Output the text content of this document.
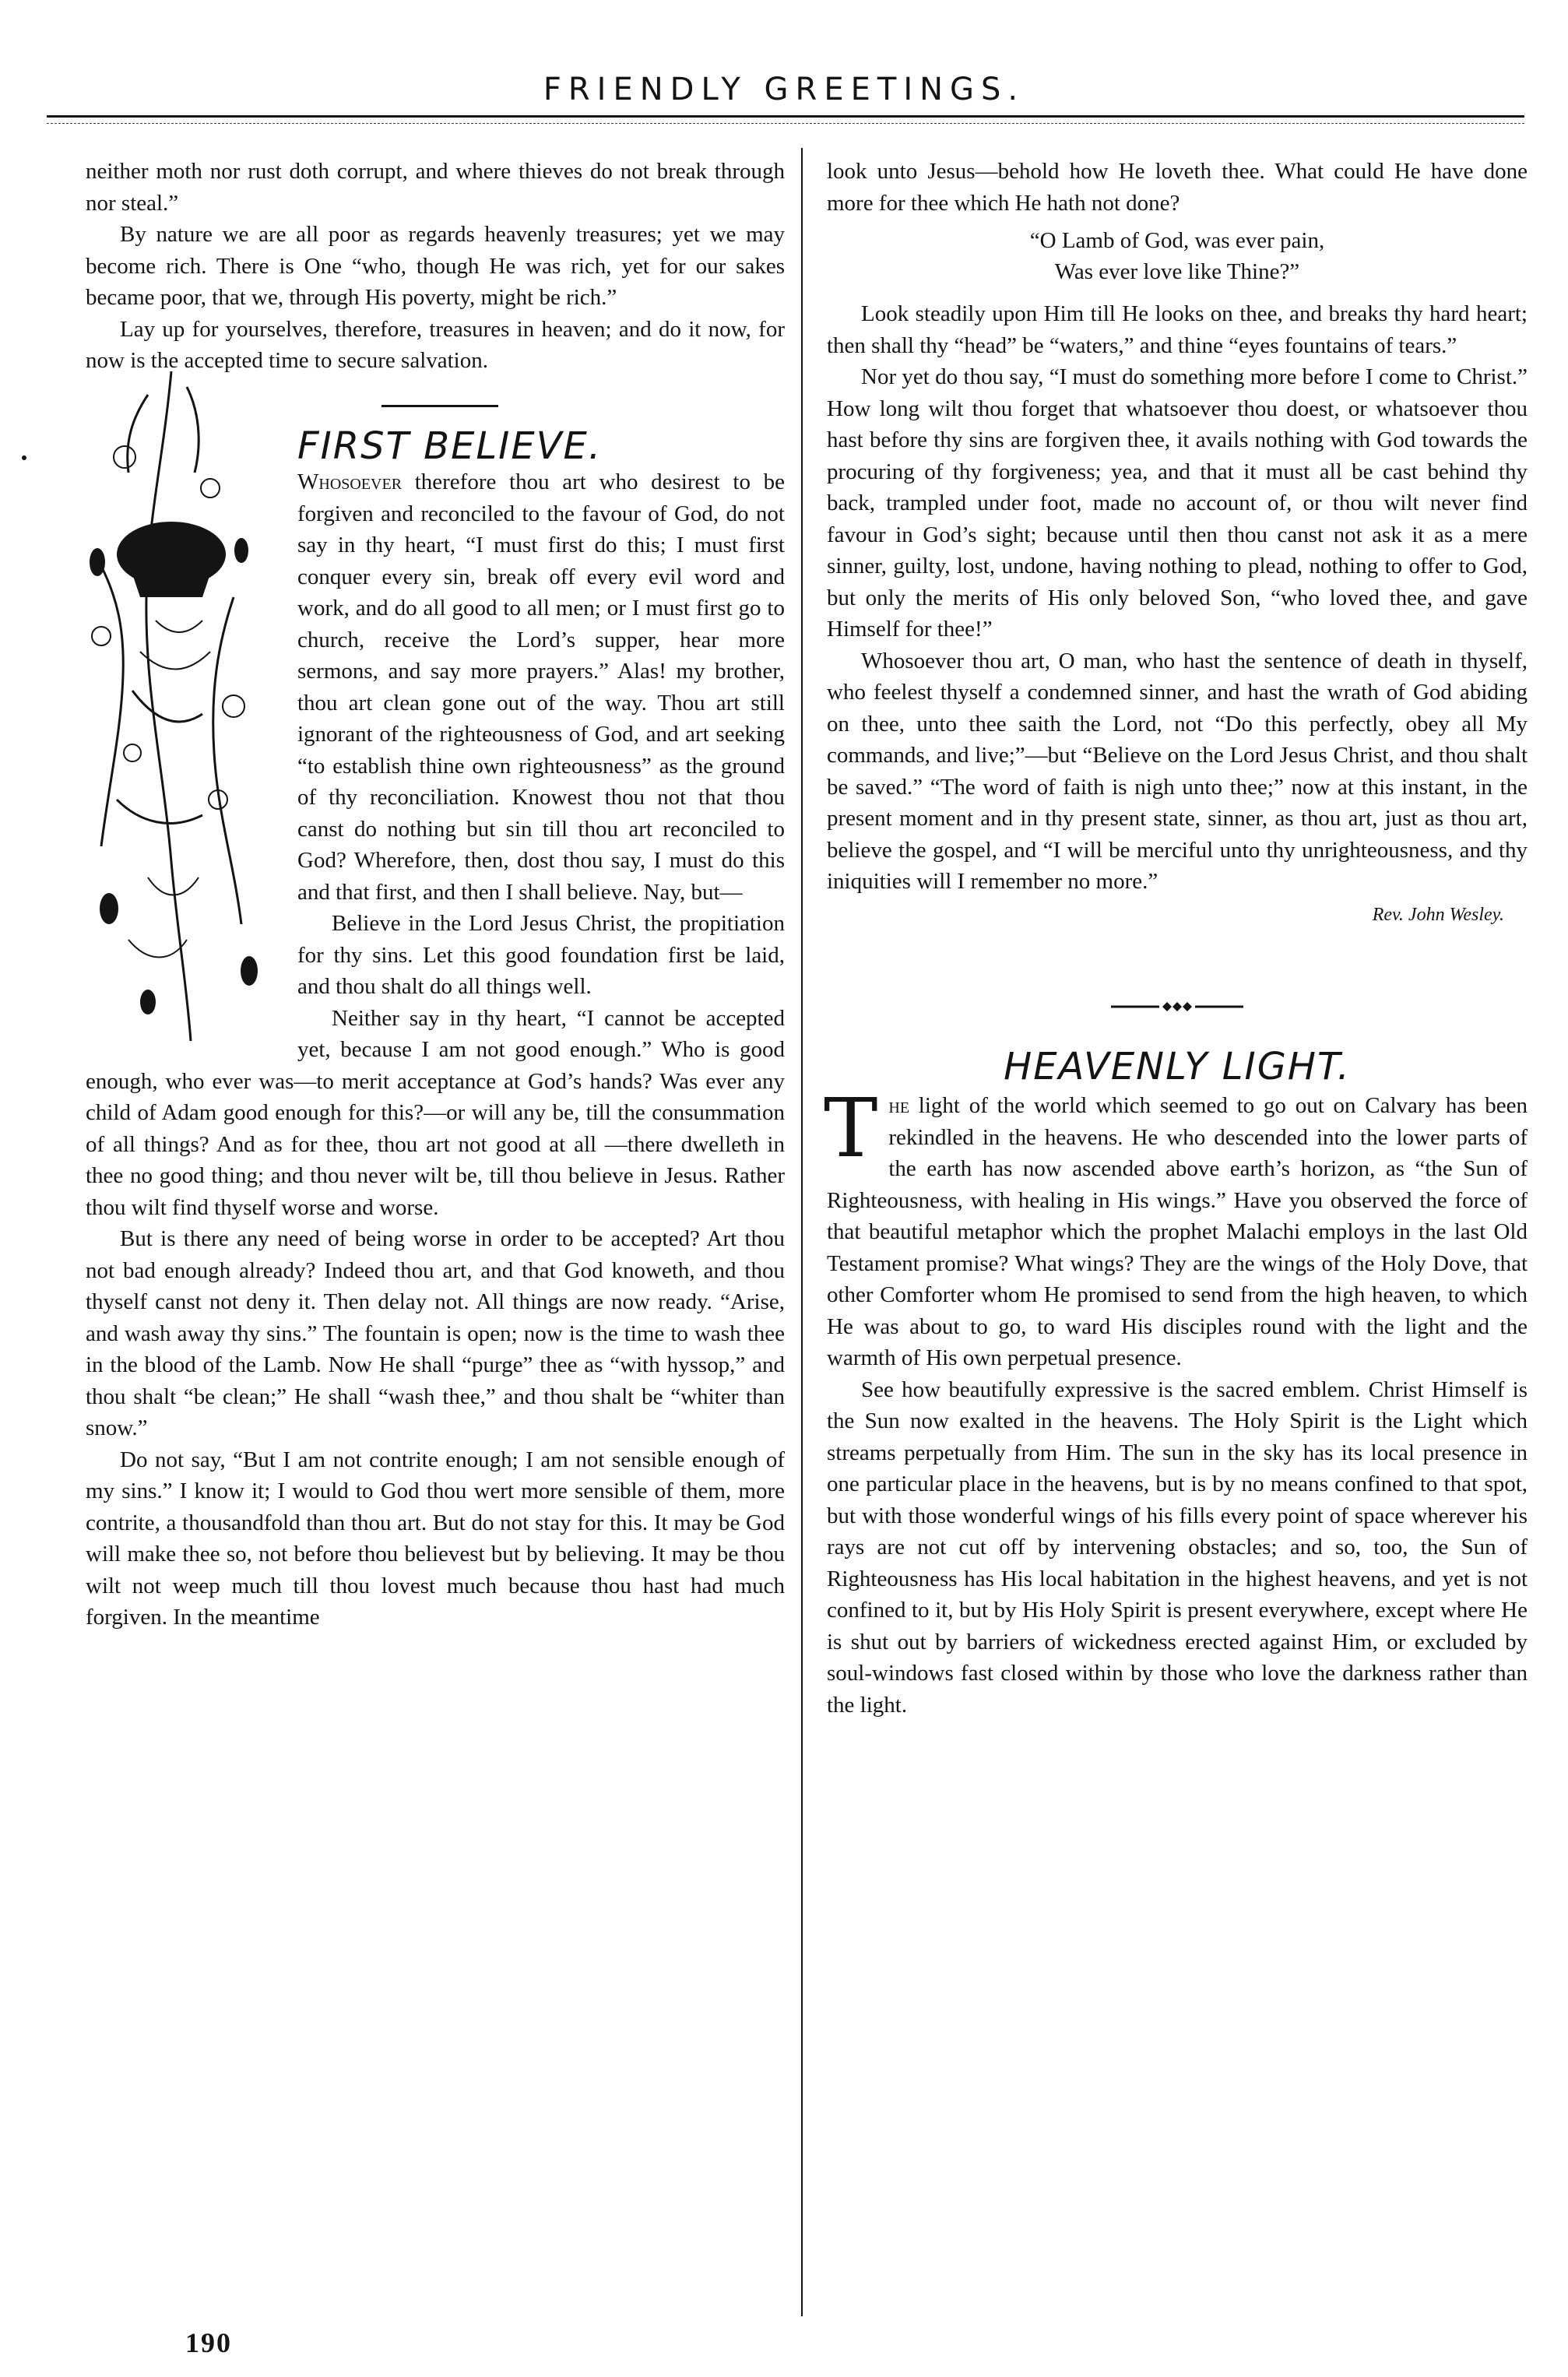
FRIENDLY GREETINGS.

neither moth nor rust doth corrupt, and where thieves do not break through nor steal.”

By nature we are all poor as regards heavenly treasures; yet we may become rich. There is One “who, though He was rich, yet for our sakes became poor, that we, through His poverty, might be rich.”

Lay up for yourselves, therefore, treasures in heaven; and do it now, for now is the accepted time to secure salvation.

FIRST BELIEVE.

Whosoever therefore thou art who desirest to be forgiven and reconciled to the favour of God, do not say in thy heart, “I must first do this; I must first conquer every sin, break off every evil word and work, and do all good to all men; or I must first go to church, receive the Lord’s supper, hear more sermons, and say more prayers.” Alas! my brother, thou art clean gone out of the way. Thou art still ignorant of the righteousness of God, and art seeking “to establish thine own righteousness” as the ground of thy reconciliation. Knowest thou not that thou canst do nothing but sin till thou art reconciled to God? Wherefore, then, dost thou say, I must do this and that first, and then I shall believe. Nay, but—

Believe in the Lord Jesus Christ, the propitiation for thy sins. Let this good foundation first be laid, and thou shalt do all things well.

Neither say in thy heart, “I cannot be accepted yet, because I am not good enough.” Who is good enough, who ever was—to merit acceptance at God’s hands? Was ever any child of Adam good enough for this?—or will any be, till the consummation of all things? And as for thee, thou art not good at all —there dwelleth in thee no good thing; and thou never wilt be, till thou believe in Jesus. Rather thou wilt find thyself worse and worse.

But is there any need of being worse in order to be accepted? Art thou not bad enough already? Indeed thou art, and that God knoweth, and thou thyself canst not deny it. Then delay not. All things are now ready. “Arise, and wash away thy sins.” The fountain is open; now is the time to wash thee in the blood of the Lamb. Now He shall “purge” thee as “with hyssop,” and thou shalt “be clean;” He shall “wash thee,” and thou shalt be “whiter than snow.”

Do not say, “But I am not contrite enough; I am not sensible enough of my sins.” I know it; I would to God thou wert more sensible of them, more contrite, a thousandfold than thou art. But do not stay for this. It may be God will make thee so, not before thou believest but by believing. It may be thou wilt not weep much till thou lovest much because thou hast had much forgiven. In the meantime

look unto Jesus—behold how He loveth thee. What could He have done more for thee which He hath not done?

“O Lamb of God, was ever pain,
Was ever love like Thine?”

Look steadily upon Him till He looks on thee, and breaks thy hard heart; then shall thy “head” be “waters,” and thine “eyes fountains of tears.”

Nor yet do thou say, “I must do something more before I come to Christ.” How long wilt thou forget that whatsoever thou doest, or whatsoever thou hast before thy sins are forgiven thee, it avails nothing with God towards the procuring of thy forgiveness; yea, and that it must all be cast behind thy back, trampled under foot, made no account of, or thou wilt never find favour in God’s sight; because until then thou canst not ask it as a mere sinner, guilty, lost, undone, having nothing to plead, nothing to offer to God, but only the merits of His only beloved Son, “who loved thee, and gave Himself for thee!”

Whosoever thou art, O man, who hast the sentence of death in thyself, who feelest thyself a condemned sinner, and hast the wrath of God abiding on thee, unto thee saith the Lord, not “Do this perfectly, obey all My commands, and live;”—but “Believe on the Lord Jesus Christ, and thou shalt be saved.” “The word of faith is nigh unto thee;” now at this instant, in the present moment and in thy present state, sinner, as thou art, just as thou art, believe the gospel, and “I will be merciful unto thy unrighteousness, and thy iniquities will I remember no more.”

Rev. John Wesley.
HEAVENLY LIGHT.

The light of the world which seemed to go out on Calvary has been rekindled in the heavens. He who descended into the lower parts of the earth has now ascended above earth’s horizon, as “the Sun of Righteousness, with healing in His wings.” Have you observed the force of that beautiful metaphor which the prophet Malachi employs in the last Old Testament promise? What wings? They are the wings of the Holy Dove, that other Comforter whom He promised to send from the high heaven, to which He was about to go, to ward His disciples round with the light and the warmth of His own perpetual presence.

See how beautifully expressive is the sacred emblem. Christ Himself is the Sun now exalted in the heavens. The Holy Spirit is the Light which streams perpetually from Him. The sun in the sky has its local presence in one particular place in the heavens, but is by no means confined to that spot, but with those wonderful wings of his fills every point of space wherever his rays are not cut off by intervening obstacles; and so, too, the Sun of Righteousness has His local habitation in the highest heavens, and yet is not confined to it, but by His Holy Spirit is present everywhere, except where He is shut out by barriers of wickedness erected against Him, or excluded by soul-windows fast closed within by those who love the darkness rather than the light.

190
